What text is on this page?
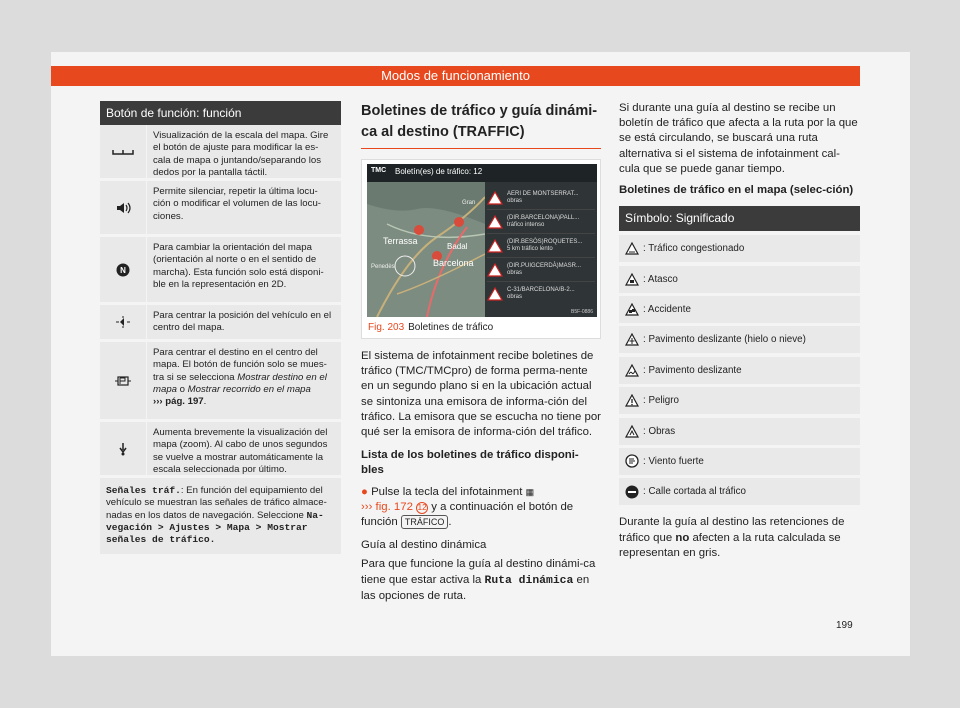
Modos de funcionamiento
Botón de función: función
Visualización de la escala del mapa. Gire el botón de ajuste para modificar la es-cala de mapa o juntando/separando los dedos por la pantalla táctil.
Permite silenciar, repetir la última locu-ción o modificar el volumen de las locu-ciones.
N
Para cambiar la orientación del mapa (orientación al norte o en el sentido de marcha). Esta función solo está disponi-ble en la representación en 2D.
Para centrar la posición del vehículo en el centro del mapa.
Para centrar el destino en el centro del mapa. El botón de función solo se mues-tra si se selecciona Mostrar destino en el mapa o Mostrar recorrido en el mapa
››› pág. 197.
Aumenta brevemente la visualización del mapa (zoom). Al cabo de unos segundos se vuelve a mostrar automáticamente la escala seleccionada por último.
Señales tráf.: En función del equipamiento del vehículo se muestran las señales de tráfico almace-nadas en los datos de navegación. Seleccione Na-vegación > Ajustes > Mapa > Mostrar señales de tráfico.
Boletines de tráfico y guía dinámi-ca al destino (TRAFFIC)
TMC Boletín(es) de tráfico: 12
Gran
Terrassa
Badal
Barcelona
Penedès
AERI DE MONTSERRAT...
obras
(DIR.BARCELONA)PALL...
tráfico intenso
(DIR.BESÒS)ROQUETES...
5 km tráfico lento
(DIR.PUIGCERDÀ)MASR...
obras
C-31/BARCELONA/B-2...
obras
B5F-0886
Fig. 203 Boletines de tráfico
El sistema de infotainment recibe boletines de tráfico (TMC/TMCpro) de forma perma-nente en un segundo plano si en la ubicación actual se sintoniza una emisora de informa-ción del tráfico. La emisora que se escucha no tiene por qué ser la emisora de informa-ción del tráfico.
Lista de los boletines de tráfico disponi-bles
● Pulse la tecla del infotainment ▦
››› fig. 172 12 y a continuación el botón de función TRÁFICO .
Guía al destino dinámica
Para que funcione la guía al destino dinámi-ca tiene que estar activa la Ruta dinámica en las opciones de ruta.
Si durante una guía al destino se recibe un boletín de tráfico que afecta a la ruta por la que se está circulando, se buscará una ruta alternativa si el sistema de infotainment cal-cula que se puede ganar tiempo.
Boletines de tráfico en el mapa (selec-ción)
Símbolo: Significado
: Tráfico congestionado
: Atasco
: Accidente
: Pavimento deslizante (hielo o nieve)
: Pavimento deslizante
: Peligro
: Obras
: Viento fuerte
: Calle cortada al tráfico
Durante la guía al destino las retenciones de tráfico que no afecten a la ruta calculada se representan en gris.
199
